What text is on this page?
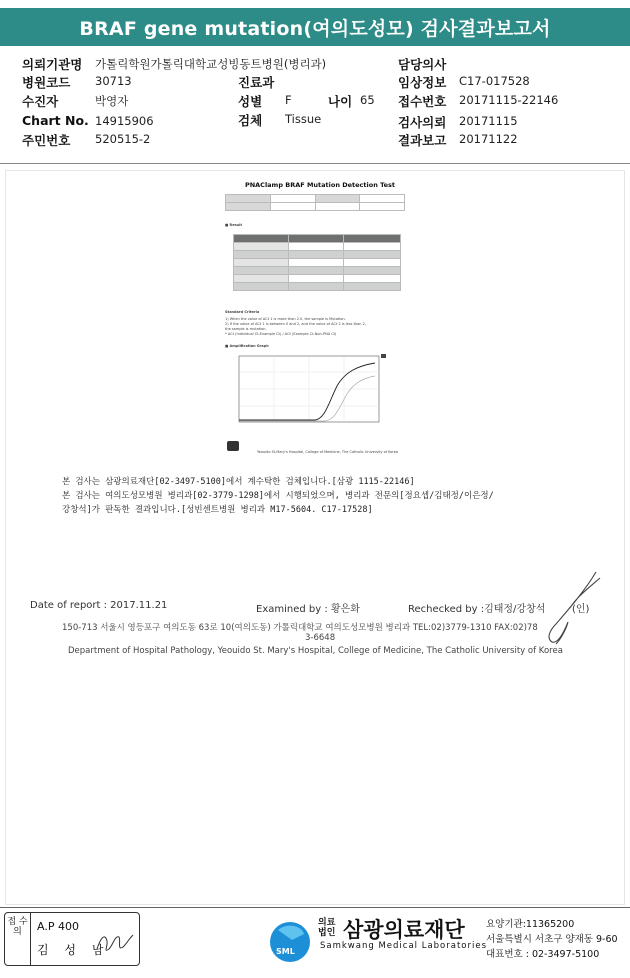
BRAF gene mutation(여의도성모) 검사결과보고서
의뢰기관명 가톨릭학원가톨릭대학교성빙동트병원(병리과)	담당의사
병원코드 30713	진료과	임상정보 C17-017528
수진자	박영자	성별 F	나이 65 접수번호 20171115-22146
Chart No. 14915906	검체 Tissue	검사의뢰 20171115
주민번호 520515-2	결과보고 20171122
PNAClamp BRAF Mutation Detection Test

■ Result

Standard Criteria
1) When the value of ΔCt 1 is more than 2.0, the sample is Mutation.
2) If the value of ΔCt 1 is between 0 and 2, and the value of ΔCt 2 is less than 2,
the sample is mutation.
* ΔCt (Individual Ct-Example Ct) / ΔCt (Example Ct-Non-PNA Ct)
■ Amplification Graph
Yeouido St.Mary's Hospital, College of Medicine, The Catholic University of Korea
본 검사는 삼광의료재단[02-3497-5100]에서 계수탁한 검체입니다.[삼광 1115-22146]
본 검사는 여의도성모병원 병리과[02-3779-1298]에서 시행되었으며, 병리과 전문의[정요셉/김태정/이은정/
강창석]가 판독한 결과입니다.[성빈센트병원 병리과 M17-5604. C17-17528]
Date of report : 2017.11.21	Examined by : 황은화	Rechecked by :김태정/강창석	(인)
150-713 서울시 영등포구 여의도동 63로 10(여의도동) 가톨릭대학교 여의도성모병원 병리과 TEL:02)3779-1310 FAX:02)78
3-6648
Department of Hospital Pathology, Yeouido St. Mary's Hospital, College of Medicine, The Catholic University of Korea
접 수 의	A.P 400
김 성 남	SML
의료
법인 삼광의료재단
Samkwang Medical Laboratories
요양기관:11365200
서울특별시 서초구 양재동 9-60
대표번호 : 02-3497-5100
